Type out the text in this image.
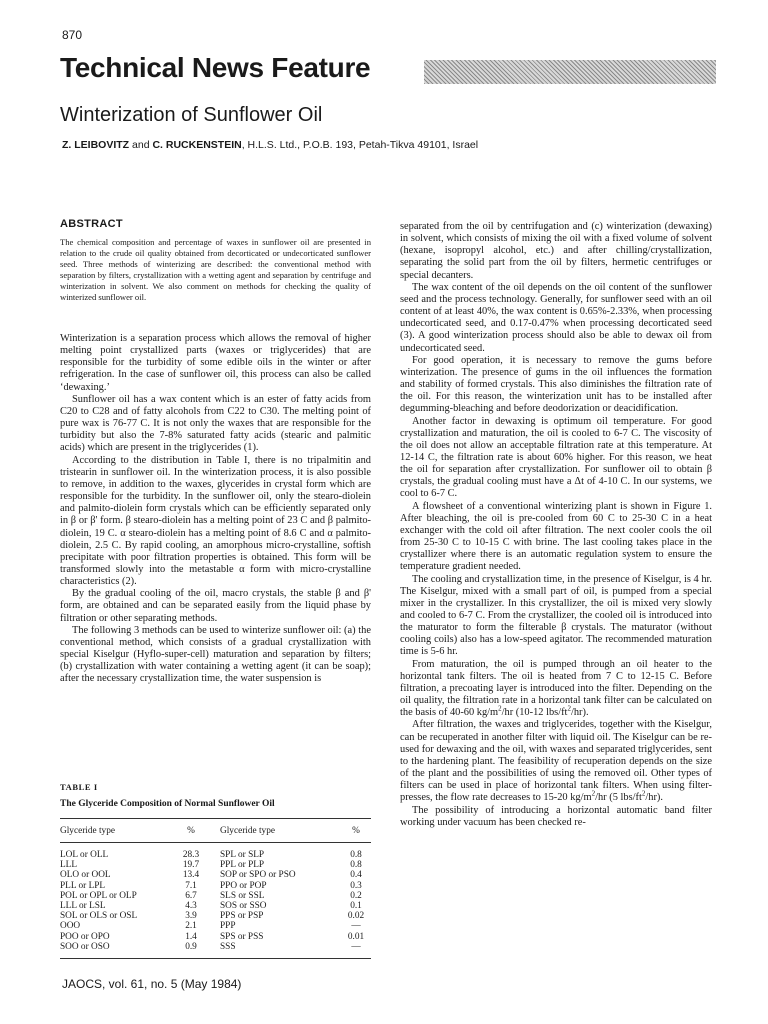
870
Technical News Feature
Winterization of Sunflower Oil
Z. LEIBOVITZ and C. RUCKENSTEIN, H.L.S. Ltd., P.O.B. 193, Petah-Tikva 49101, Israel
ABSTRACT
The chemical composition and percentage of waxes in sunflower oil are presented in relation to the crude oil quality obtained from decorticated or undecorticated sunflower seed. Three methods of winterizing are described: the conventional method with separation by filters, crystallization with a wetting agent and separation by centrifuge and winterization in solvent. We also comment on methods for checking the quality of winterized sunflower oil.

Winterization is a separation process which allows the removal of higher melting point crystallized parts (waxes or triglycerides) that are responsible for the turbidity of some edible oils in the winter or after refrigeration. In the case of sunflower oil, this process can also be called ‘dewaxing.’

Sunflower oil has a wax content which is an ester of fatty acids from C20 to C28 and of fatty alcohols from C22 to C30. The melting point of pure wax is 76-77 C. It is not only the waxes that are responsible for the turbidity but also the 7-8% saturated fatty acids (stearic and palmitic acids) which are present in the triglycerides (1).

According to the distribution in Table I, there is no tripalmitin and tristearin in sunflower oil. In the winterization process, it is also possible to remove, in addition to the waxes, glycerides in crystal form which are responsible for the turbidity. In the sunflower oil, only the stearo-diolein and palmito-diolein form crystals which can be efficiently separated only in β or β' form. β stearo-diolein has a melting point of 23 C and β palmito-diolein, 19 C. α stearo-diolein has a melting point of 8.6 C and α palmito-diolein, 2.5 C. By rapid cooling, an amorphous micro-crystalline, softish precipitate with poor filtration properties is obtained. This form will be transformed slowly into the metastable α form with micro-crystalline characteristics (2).

By the gradual cooling of the oil, macro crystals, the stable β and β' form, are obtained and can be separated easily from the liquid phase by filtration or other separating methods.

The following 3 methods can be used to winterize sunflower oil: (a) the conventional method, which consists of a gradual crystallization with special Kiselgur (Hyflo-super-cell) maturation and separation by filters; (b) crystallization with water containing a wetting agent (it can be soap); after the necessary crystallization time, the water suspension is

separated from the oil by centrifugation and (c) winterization (dewaxing) in solvent, which consists of mixing the oil with a fixed volume of solvent (hexane, isopropyl alcohol, etc.) and after chilling/crystallization, separating the solid part from the oil by filters, hermetic centrifuges or special decanters.

The wax content of the oil depends on the oil content of the sunflower seed and the process technology. Generally, for sunflower seed with an oil content of at least 40%, the wax content is 0.65%-2.33%, when processing undecorticated seed, and 0.17-0.47% when processing decorticated seed (3). A good winterization process should also be able to dewax oil from undecorticated seed.

For good operation, it is necessary to remove the gums before winterization. The presence of gums in the oil influences the formation and stability of formed crystals. This also diminishes the filtration rate of the oil. For this reason, the winterization unit has to be installed after degumming-bleaching and before deodorization or deacidification.

Another factor in dewaxing is optimum oil temperature. For good crystallization and maturation, the oil is cooled to 6-7 C. The viscosity of the oil does not allow an acceptable filtration rate at this temperature. At 12-14 C, the filtration rate is about 60% higher. For this reason, we heat the oil for separation after crystallization. For sunflower oil to obtain β crystals, the gradual cooling must have a Δt of 4-10 C. In our systems, we cool to 6-7 C.

A flowsheet of a conventional winterizing plant is shown in Figure 1. After bleaching, the oil is pre-cooled from 60 C to 25-30 C in a heat exchanger with the cold oil after filtration. The next cooler cools the oil from 25-30 C to 10-15 C with brine. The last cooling takes place in the crystallizer where there is an automatic regulation system to ensure the temperature gradient needed.

The cooling and crystallization time, in the presence of Kiselgur, is 4 hr. The Kiselgur, mixed with a small part of oil, is pumped from a special mixer in the crystallizer. In this crystallizer, the oil is mixed very slowly and cooled to 6-7 C. From the crystallizer, the cooled oil is introduced into the maturator to form the filterable β crystals. The maturator (without cooling coils) also has a low-speed agitator. The recommended maturation time is 5-6 hr.

From maturation, the oil is pumped through an oil heater to the horizontal tank filters. The oil is heated from 7 C to 12-15 C. Before filtration, a precoating layer is introduced into the filter. Depending on the oil quality, the filtration rate in a horizontal tank filter can be calculated on the basis of 40-60 $kg/m^2/hr$ (10-12 lbs/$ft^2/hr$).

After filtration, the waxes and triglycerides, together with the Kiselgur, can be recuperated in another filter with liquid oil. The Kiselgur can be re-used for dewaxing and the oil, with waxes and separated triglycerides, sent to the hardening plant. The feasibility of recuperation depends on the size of the plant and the possibilities of using the removed oil. Other types of filters can be used in place of horizontal tank filters. When using filter-presses, the flow rate decreases to 15-20 $kg/m^2/hr$ (5 lbs/$ft^2/hr$).

The possibility of introducing a horizontal automatic band filter working under vacuum has been checked re-

TABLE I
The Glyceride Composition of Normal Sunflower Oil
Glyceride type	%	Glyceride type	%
LOL or OLL	28.3	SPL or SLP	0.8
LLL	19.7	PPL or PLP	0.8
OLO or OOL	13.4	SOP or SPO or PSO	0.4
PLL or LPL	7.1	PPO or POP	0.3
POL or OPL or OLP	6.7	SLS or SSL	0.2
LLL or LSL	4.3	SOS or SSO	0.1
SOL or OLS or OSL	3.9	PPS or PSP	0.02
OOO	2.1	PPP	—
POO or OPO	1.4	SPS or PSS	0.01
SOO or OSO	0.9	SSS	—
JAOCS, vol. 61, no. 5 (May 1984)
